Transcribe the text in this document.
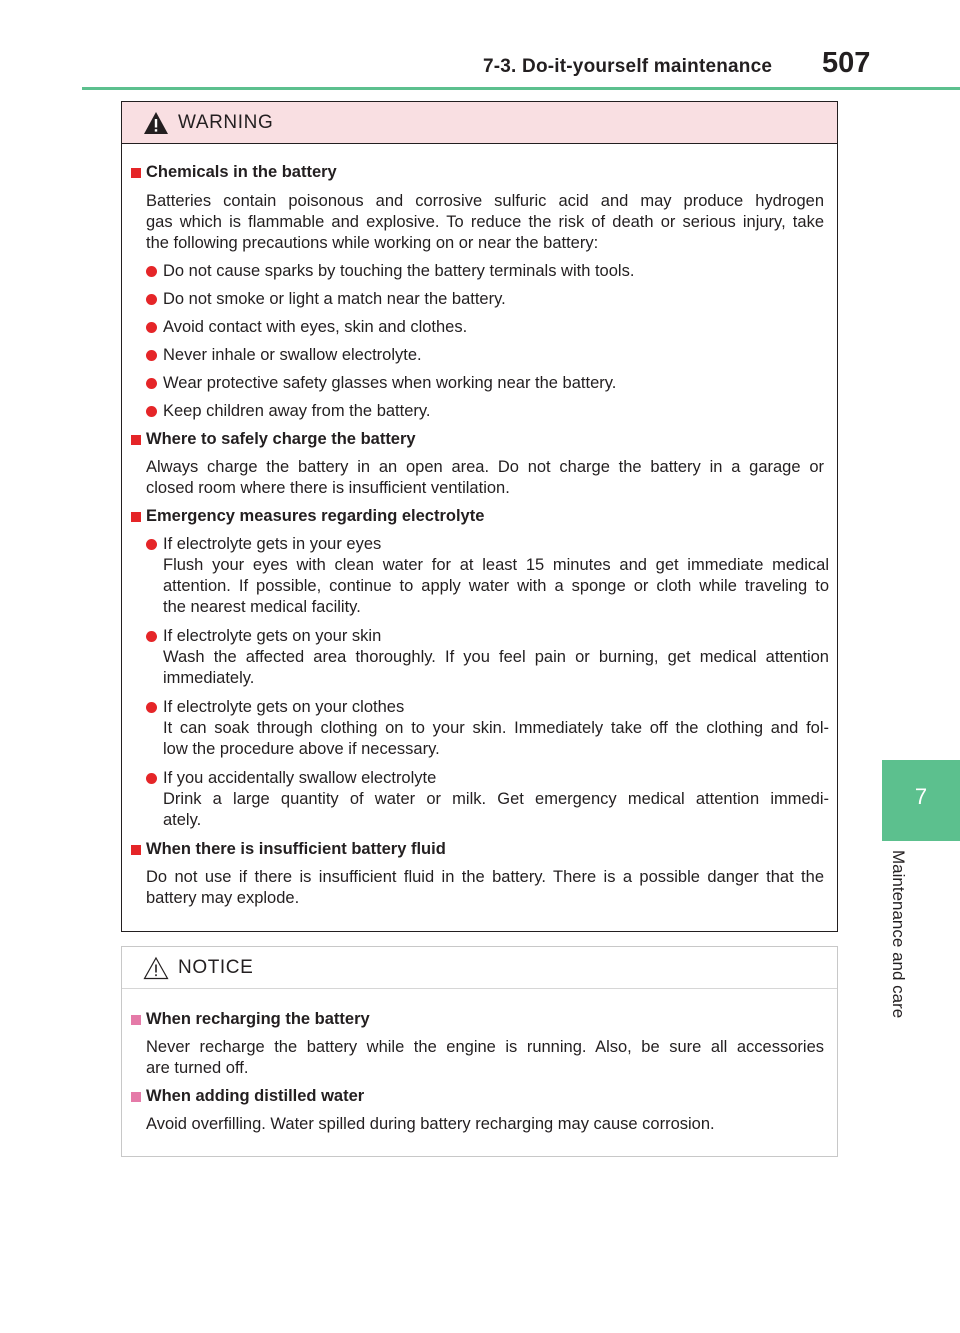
7-3. Do-it-yourself maintenance 507
7
Maintenance and care
WARNING
Chemicals in the battery
Batteries contain poisonous and corrosive sulfuric acid and may produce hydrogen
gas which is flammable and explosive. To reduce the risk of death or serious injury, take
the following precautions while working on or near the battery:
Do not cause sparks by touching the battery terminals with tools.
Do not smoke or light a match near the battery.
Avoid contact with eyes, skin and clothes.
Never inhale or swallow electrolyte.
Wear protective safety glasses when working near the battery.
Keep children away from the battery.
Where to safely charge the battery
Always charge the battery in an open area. Do not charge the battery in a garage or
closed room where there is insufficient ventilation.
Emergency measures regarding electrolyte
If electrolyte gets in your eyes
Flush your eyes with clean water for at least 15 minutes and get immediate medical
attention. If possible, continue to apply water with a sponge or cloth while traveling to
the nearest medical facility.
If electrolyte gets on your skin
Wash the affected area thoroughly. If you feel pain or burning, get medical attention
immediately.
If electrolyte gets on your clothes
It can soak through clothing on to your skin. Immediately take off the clothing and fol-
low the procedure above if necessary.
If you accidentally swallow electrolyte
Drink a large quantity of water or milk. Get emergency medical attention immedi-
ately.
When there is insufficient battery fluid
Do not use if there is insufficient fluid in the battery. There is a possible danger that the
battery may explode.
NOTICE
When recharging the battery
Never recharge the battery while the engine is running. Also, be sure all accessories
are turned off.
When adding distilled water
Avoid overfilling. Water spilled during battery recharging may cause corrosion.
